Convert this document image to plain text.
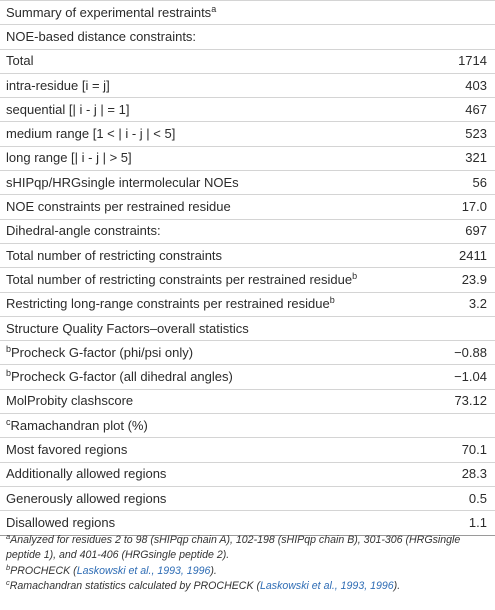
Summary of experimental restraints$^a$	
NOE-based distance constraints:	
Total	1714
intra-residue [i = j]	403
sequential [| i - j | = 1]	467
medium range [1 < | i - j | < 5]	523
long range [| i - j | > 5]	321
sHIPqp/HRGsingle intermolecular NOEs	56
NOE constraints per restrained residue	17.0
Dihedral-angle constraints:	697
Total number of restricting constraints	2411
Total number of restricting constraints per restrained residue$^b$	23.9
Restricting long-range constraints per restrained residue$^b$	3.2
Structure Quality Factors–overall statistics	
$^b$Procheck G-factor (phi/psi only)	−0.88
$^b$Procheck G-factor (all dihedral angles)	−1.04
MolProbity clashscore	73.12
$^c$Ramachandran plot (%)	
Most favored regions	70.1
Additionally allowed regions	28.3
Generously allowed regions	0.5
Disallowed regions	1.1
$^a$Analyzed for residues 2 to 98 (sHIPqp chain A), 102-198 (sHIPqp chain B), 301-306 (HRGsingle peptide 1), and 401-406 (HRGsingle peptide 2).
$^b$PROCHECK (Laskowski et al., 1993, 1996).
$^c$Ramachandran statistics calculated by PROCHECK (Laskowski et al., 1993, 1996).
